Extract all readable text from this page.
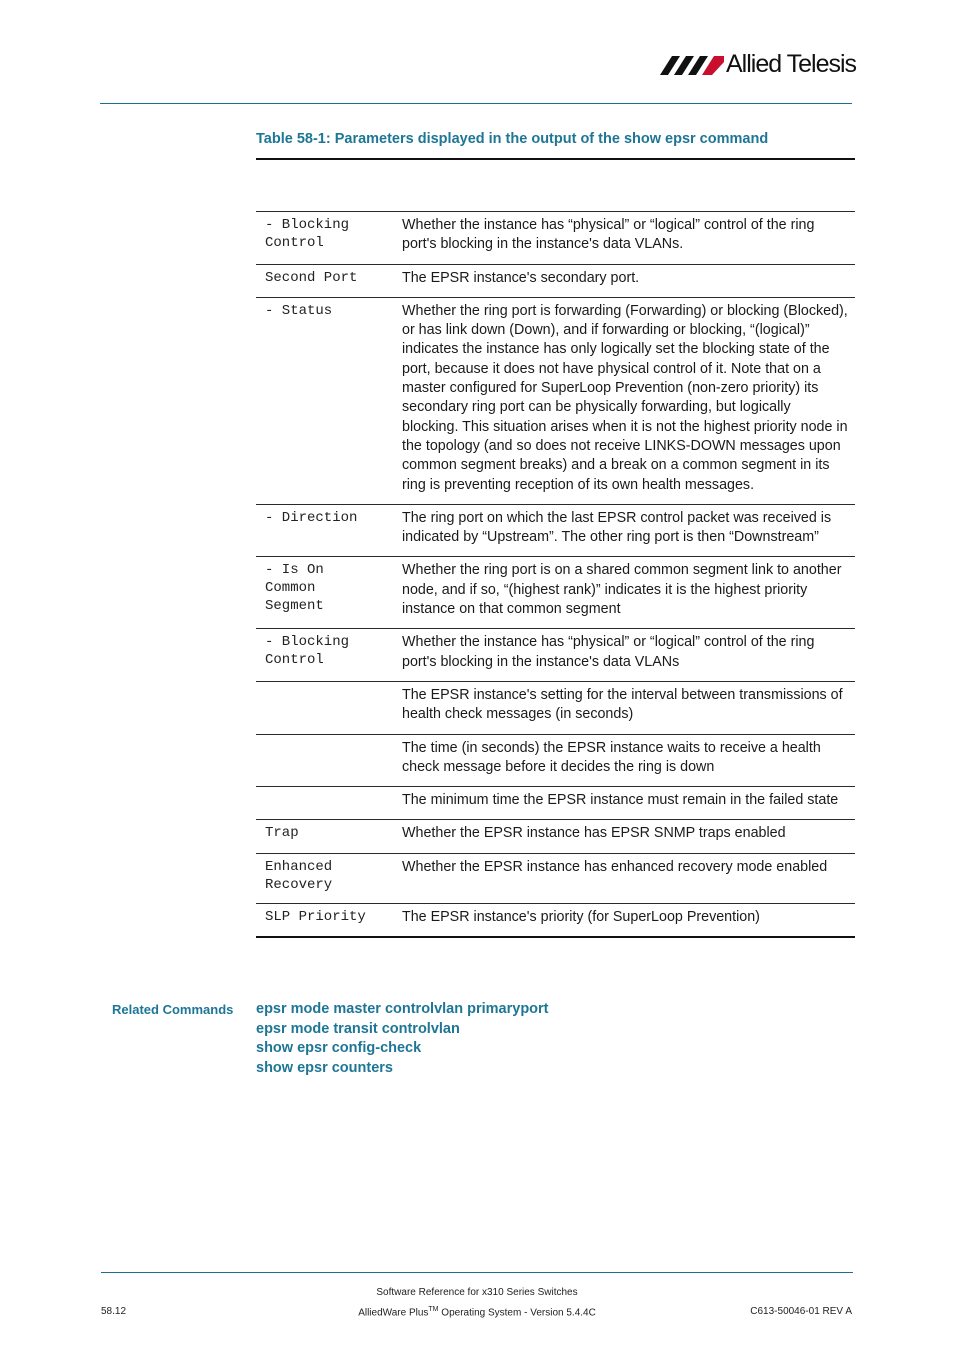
Allied Telesis
Table 58-1: Parameters displayed in the output of the show epsr command
- Blocking
Control	Whether the instance has “physical” or “logical” control of the ring port's blocking in the instance's data VLANs.
Second Port	The EPSR instance's secondary port.
- Status	Whether the ring port is forwarding (Forwarding) or blocking (Blocked), or has link down (Down), and if forwarding or blocking, “(logical)” indicates the instance has only logically set the blocking state of the port, because it does not have physical control of it. Note that on a master configured for SuperLoop Prevention (non-zero priority) its secondary ring port can be physically forwarding, but logically blocking. This situation arises when it is not the highest priority node in the topology (and so does not receive LINKS-DOWN messages upon common segment breaks) and a break on a common segment in its ring is preventing reception of its own health messages.
- Direction	The ring port on which the last EPSR control packet was received is indicated by “Upstream”. The other ring port is then “Downstream”
- Is On
Common
Segment	Whether the ring port is on a shared common segment link to another node, and if so, “(highest rank)” indicates it is the highest priority instance on that common segment
- Blocking
Control	Whether the instance has “physical” or “logical” control of the ring port's blocking in the instance's data VLANs
	The EPSR instance's setting for the interval between transmissions of health check messages (in seconds)
	The time (in seconds) the EPSR instance waits to receive a health check message before it decides the ring is down
	The minimum time the EPSR instance must remain in the failed state
Trap	Whether the EPSR instance has EPSR SNMP traps enabled
Enhanced
Recovery	Whether the EPSR instance has enhanced recovery mode enabled
SLP Priority	The EPSR instance's priority (for SuperLoop Prevention)
Related Commands epsr mode master controlvlan primaryport
epsr mode transit controlvlan
show epsr config-check
show epsr counters
Software Reference for x310 Series Switches
58.12	AlliedWare Plus™ Operating System - Version 5.4.4C	C613-50046-01 REV A
